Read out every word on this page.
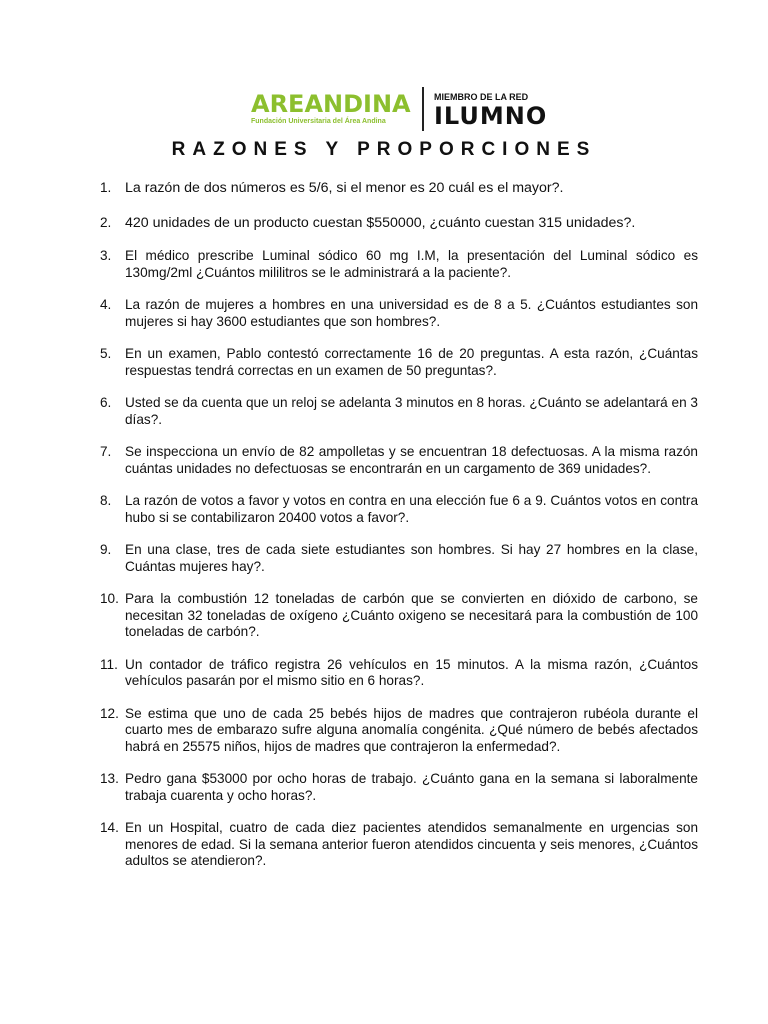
AREANDINA
Fundación Universitaria del Área Andina
MIEMBRO DE LA RED
ILUMNO
RAZONES Y PROPORCIONES
1. La razón de dos números es 5/6, si el menor es 20 cuál es el mayor?.
2. 420 unidades de un producto cuestan $550000, ¿cuánto cuestan 315 unidades?.
3. El médico prescribe Luminal sódico 60 mg I.M, la presentación del Luminal sódico es 130mg/2ml ¿Cuántos mililitros se le administrará a la paciente?.
4. La razón de mujeres a hombres en una universidad es de 8 a 5. ¿Cuántos estudiantes son mujeres si hay 3600 estudiantes que son hombres?.
5. En un examen, Pablo contestó correctamente 16 de 20 preguntas. A esta razón, ¿Cuántas respuestas tendrá correctas en un examen de 50 preguntas?.
6. Usted se da cuenta que un reloj se adelanta 3 minutos en 8 horas. ¿Cuánto se adelantará en 3 días?.
7. Se inspecciona un envío de 82 ampolletas y se encuentran 18 defectuosas. A la misma razón cuántas unidades no defectuosas se encontrarán en un cargamento de 369 unidades?.
8. La razón de votos a favor y votos en contra en una elección fue 6 a 9. Cuántos votos en contra hubo si se contabilizaron 20400 votos a favor?.
9. En una clase, tres de cada siete estudiantes son hombres. Si hay 27 hombres en la clase, Cuántas mujeres hay?.
10. Para la combustión 12 toneladas de carbón que se convierten en dióxido de carbono, se necesitan 32 toneladas de oxígeno ¿Cuánto oxigeno se necesitará para la combustión de 100 toneladas de carbón?.
11. Un contador de tráfico registra 26 vehículos en 15 minutos. A la misma razón, ¿Cuántos vehículos pasarán por el mismo sitio en 6 horas?.
12. Se estima que uno de cada 25 bebés hijos de madres que contrajeron rubéola durante el cuarto mes de embarazo sufre alguna anomalía congénita. ¿Qué número de bebés afectados habrá en 25575 niños, hijos de madres que contrajeron la enfermedad?.
13. Pedro gana $53000 por ocho horas de trabajo. ¿Cuánto gana en la semana si laboralmente trabaja cuarenta y ocho horas?.
14. En un Hospital, cuatro de cada diez pacientes atendidos semanalmente en urgencias son menores de edad. Si la semana anterior fueron atendidos cincuenta y seis menores, ¿Cuántos adultos se atendieron?.
